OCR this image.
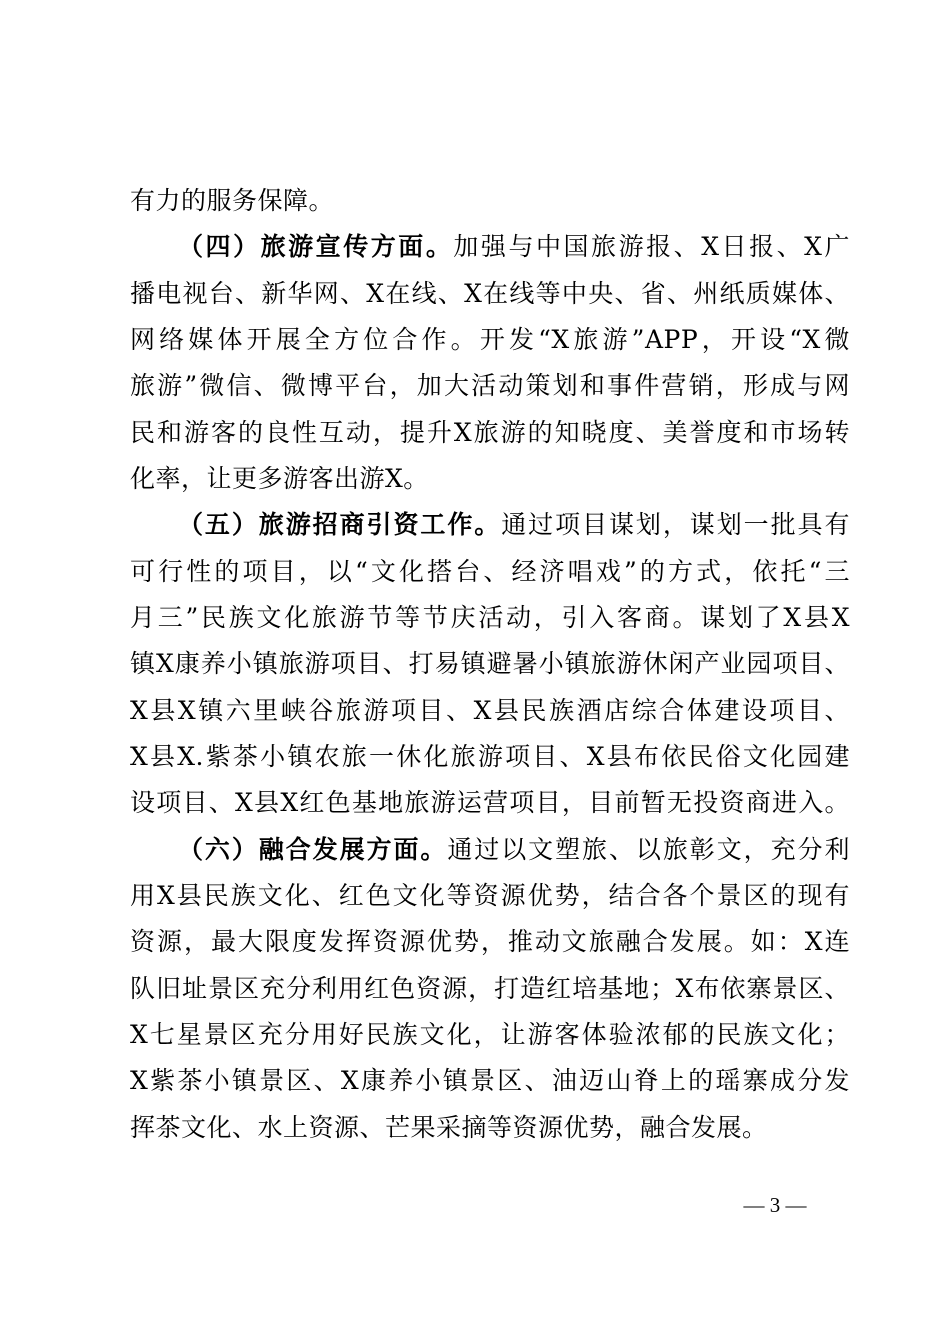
有力的服务保障。
（四）旅游宣传方面。加强与中国旅游报、X日报、X广
播电视台、新华网、X在线、X在线等中央、省、州纸质媒体、
网络媒体开展全方位合作。开发“X旅游”APP，开设“X微
旅游”微信、微博平台，加大活动策划和事件营销，形成与网
民和游客的良性互动，提升X旅游的知晓度、美誉度和市场转
化率，让更多游客出游X。
（五）旅游招商引资工作。通过项目谋划，谋划一批具有
可行性的项目，以“文化搭台、经济唱戏”的方式，依托“三
月三”民族文化旅游节等节庆活动，引入客商。谋划了X县X
镇X康养小镇旅游项目、打易镇避暑小镇旅游休闲产业园项目、
X县X镇六里峡谷旅游项目、X县民族酒店综合体建设项目、
X县X.紫茶小镇农旅一休化旅游项目、X县布依民俗文化园建
设项目、X县X红色基地旅游运营项目，目前暂无投资商进入。
（六）融合发展方面。通过以文塑旅、以旅彰文，充分利
用X县民族文化、红色文化等资源优势，结合各个景区的现有
资源，最大限度发挥资源优势，推动文旅融合发展。如：X连
队旧址景区充分利用红色资源，打造红培基地；X布依寨景区、
X七星景区充分用好民族文化，让游客体验浓郁的民族文化；
X紫茶小镇景区、X康养小镇景区、油迈山脊上的瑶寨成分发
挥茶文化、水上资源、芒果采摘等资源优势，融合发展。
— 3 —
